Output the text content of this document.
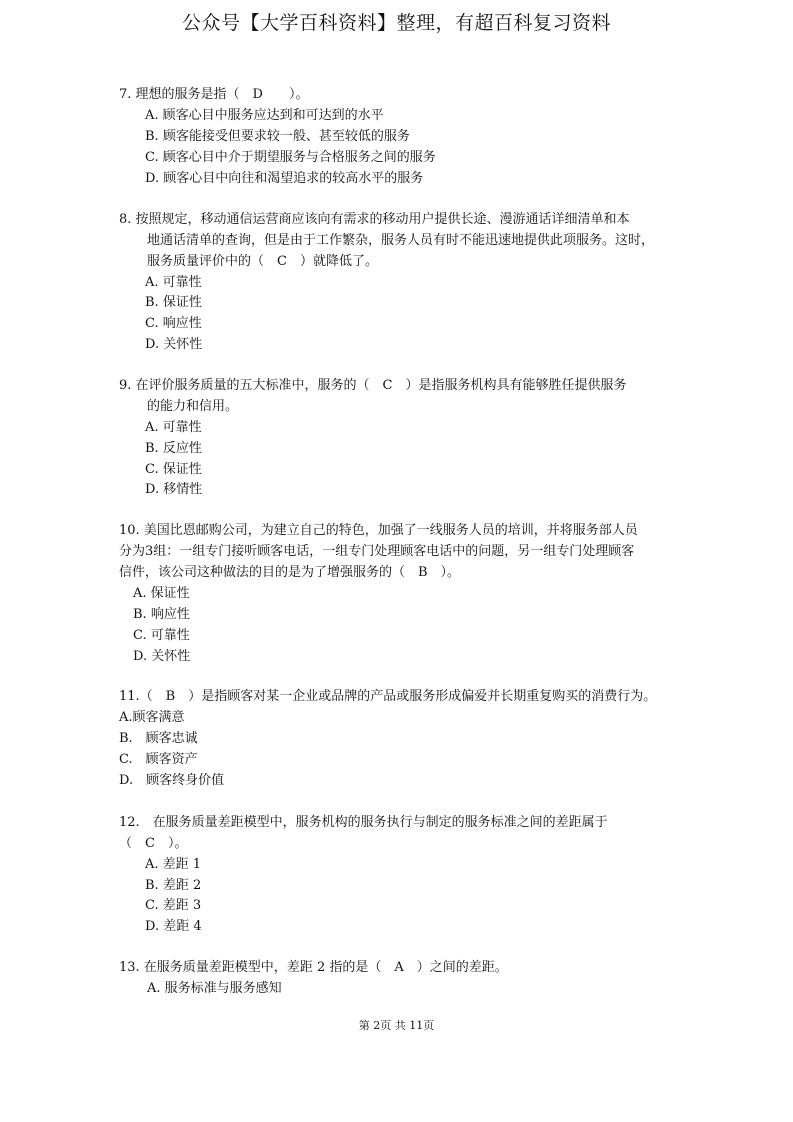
公众号【大学百科资料】整理，有超百科复习资料
7. 理想的服务是指（　D　　）。
A. 顾客心目中服务应达到和可达到的水平
B. 顾客能接受但要求较一般、甚至较低的服务
C. 顾客心目中介于期望服务与合格服务之间的服务
D. 顾客心目中向往和渴望追求的较高水平的服务
8. 按照规定，移动通信运营商应该向有需求的移动用户提供长途、漫游通话详细清单和本
地通话清单的查询，但是由于工作繁杂，服务人员有时不能迅速地提供此项服务。这时，
服务质量评价中的（　C　）就降低了。
A. 可靠性
B. 保证性
C. 响应性
D. 关怀性
9. 在评价服务质量的五大标准中，服务的（　C　）是指服务机构具有能够胜任提供服务
的能力和信用。
A. 可靠性
B. 反应性
C. 保证性
D. 移情性
10. 美国比恩邮购公司，为建立自己的特色，加强了一线服务人员的培训，并将服务部人员
分为3组：一组专门接听顾客电话，一组专门处理顾客电话中的问题，另一组专门处理顾客
信件，该公司这种做法的目的是为了增强服务的（　B　）。
A. 保证性
B. 响应性
C. 可靠性
D. 关怀性
11.（　B　）是指顾客对某一企业或品牌的产品或服务形成偏爱并长期重复购买的消费行为。
A.顾客满意
B.　顾客忠诚
C.　顾客资产
D.　顾客终身价值
12.　在服务质量差距模型中，服务机构的服务执行与制定的服务标准之间的差距属于
（　C　）。
A. 差距 1
B. 差距 2
C. 差距 3
D. 差距 4
13. 在服务质量差距模型中，差距 2 指的是（　A　）之间的差距。
A. 服务标准与服务感知
第 2页 共 11页
